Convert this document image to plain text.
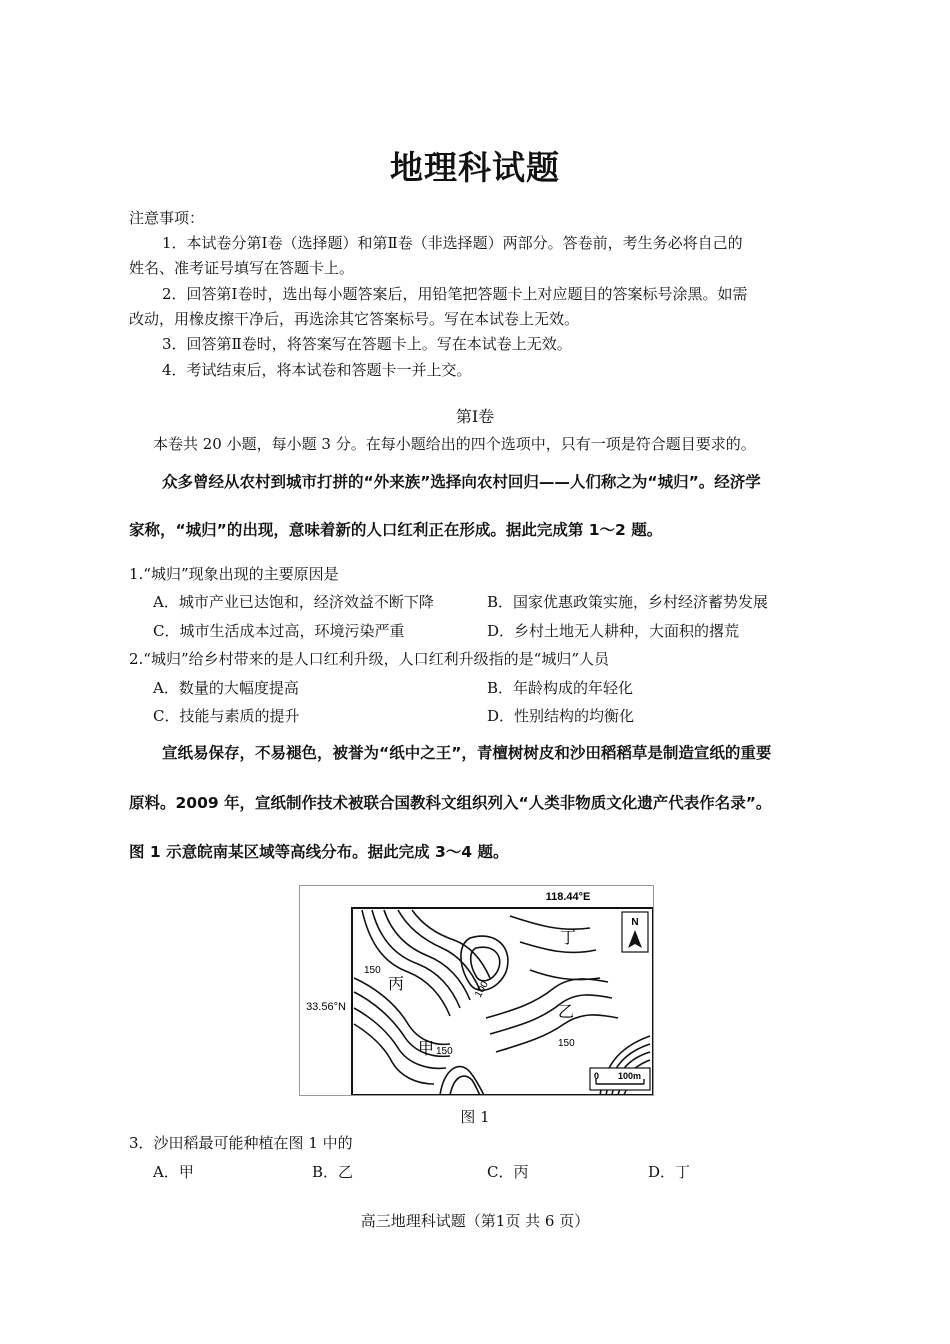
地理科试题
注意事项：
1．本试卷分第Ⅰ卷（选择题）和第Ⅱ卷（非选择题）两部分。答卷前，考生务必将自己的
姓名、准考证号填写在答题卡上。
2．回答第Ⅰ卷时，选出每小题答案后，用铅笔把答题卡上对应题目的答案标号涂黑。如需
改动，用橡皮擦干净后，再选涂其它答案标号。写在本试卷上无效。
3．回答第Ⅱ卷时，将答案写在答题卡上。写在本试卷上无效。
4．考试结束后，将本试卷和答题卡一并上交。
第Ⅰ卷
本卷共 20 小题，每小题 3 分。在每小题给出的四个选项中，只有一项是符合题目要求的。
众多曾经从农村到城市打拼的“外来族”选择向农村回归——人们称之为“城归”。经济学
家称，“城归”的出现，意味着新的人口红利正在形成。据此完成第 1～2 题。
1.“城归”现象出现的主要原因是
A．城市产业已达饱和，经济效益不断下降	B．国家优惠政策实施，乡村经济蓄势发展
C．城市生活成本过高，环境污染严重	D．乡村土地无人耕种，大面积的撂荒
2.“城归”给乡村带来的是人口红利升级，人口红利升级指的是“城归”人员
A．数量的大幅度提高	B．年龄构成的年轻化
C．技能与素质的提升	D．性别结构的均衡化
宣纸易保存，不易褪色，被誉为“纸中之王”，青檀树树皮和沙田稻稻草是制造宣纸的重要
原料。2009 年，宣纸制作技术被联合国教科文组织列入“人类非物质文化遗产代表作名录”。
图 1 示意皖南某区域等高线分布。据此完成 3～4 题。
118.44°E
33.56°N
N
150
100
150
150
丁
丙
乙
甲
0 100m
图 1
3．沙田稻最可能种植在图 1 中的
A．甲	B．乙	C．丙	D．丁
高三地理科试题（第1页 共 6 页）
